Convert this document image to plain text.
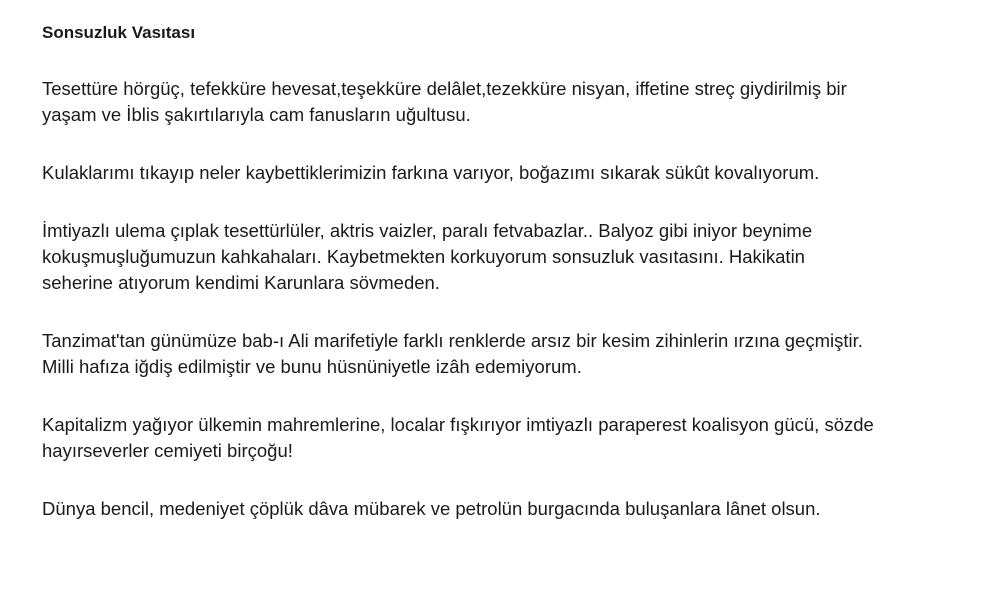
Sonsuzluk Vasıtası
Tesettüre hörgüç, tefekküre hevesat,teşekküre delâlet,tezekküre nisyan, iffetine streç giydirilmiş bir
yaşam ve İblis şakırtılarıyla cam fanusların uğultusu.
Kulaklarımı tıkayıp neler kaybettiklerimizin farkına varıyor, boğazımı sıkarak sükût kovalıyorum.
İmtiyazlı ulema çıplak tesettürlüler, aktris vaizler, paralı fetvabazlar.. Balyoz gibi iniyor beynime
kokuşmuşluğumuzun kahkahaları. Kaybetmekten korkuyorum sonsuzluk vasıtasını. Hakikatin
seherine atıyorum kendimi Karunlara sövmeden.
Tanzimat'tan günümüze bab-ı Ali marifetiyle farklı renklerde arsız bir kesim zihinlerin ırzına geçmiştir.
Milli hafıza iğdiş edilmiştir ve bunu hüsnüniyetle izâh edemiyorum.
Kapitalizm yağıyor ülkemin mahremlerine, localar fışkırıyor imtiyazlı paraperest koalisyon gücü, sözde
hayırseverler cemiyeti birçoğu!
Dünya bencil, medeniyet çöplük dâva mübarek ve petrolün burgacında buluşanlara lânet olsun.
